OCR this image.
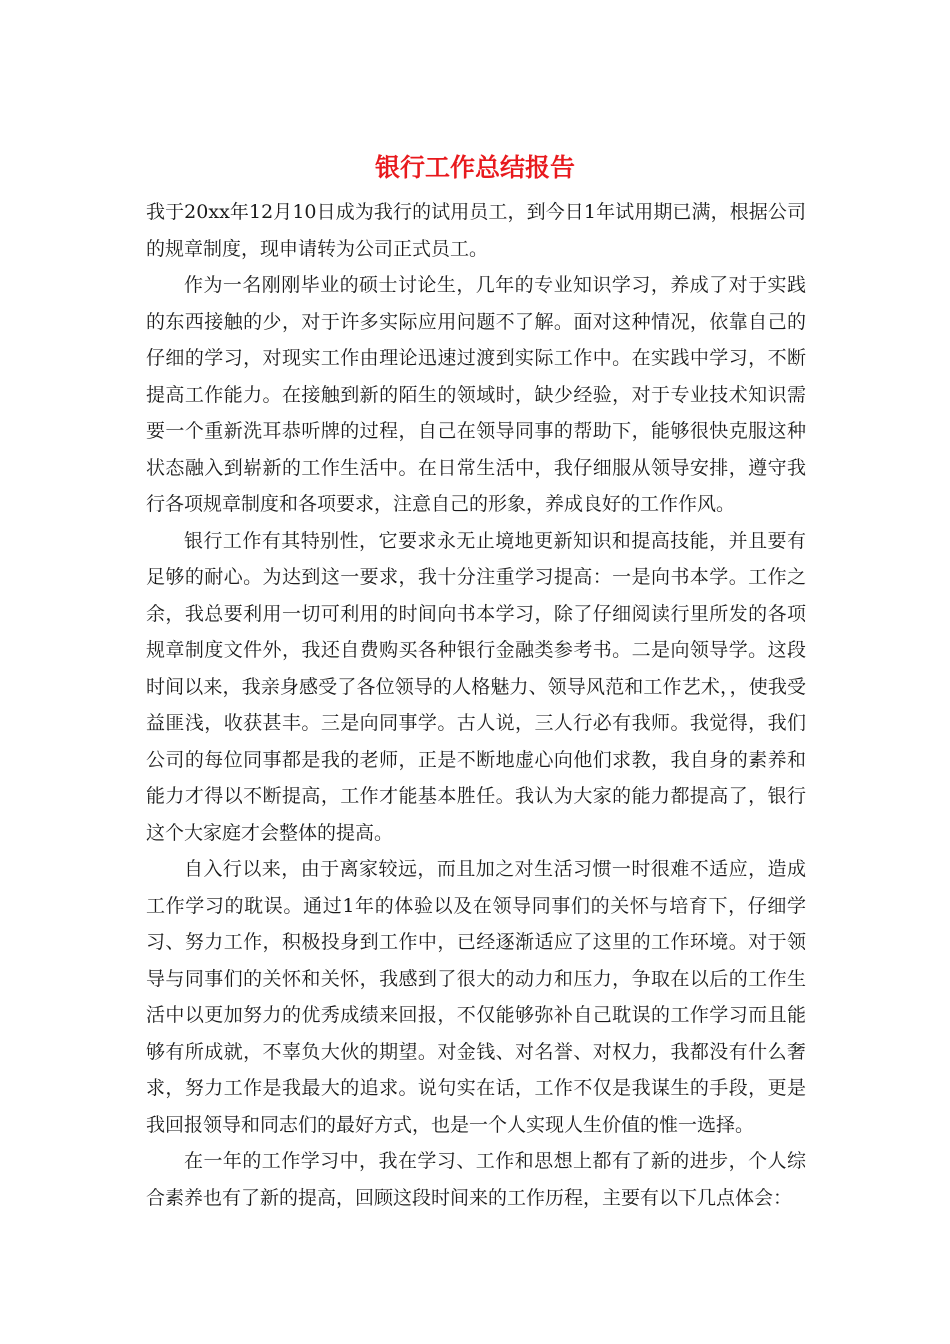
银行工作总结报告

我于20xx年12月10日成为我行的试用员工，到今日1年试用期已满，根据公司的规章制度，现申请转为公司正式员工。

作为一名刚刚毕业的硕士讨论生，几年的专业知识学习，养成了对于实践的东西接触的少，对于许多实际应用问题不了解。面对这种情况，依靠自己的仔细的学习，对现实工作由理论迅速过渡到实际工作中。在实践中学习，不断提高工作能力。在接触到新的陌生的领域时，缺少经验，对于专业技术知识需要一个重新洗耳恭听牌的过程，自己在领导同事的帮助下，能够很快克服这种状态融入到崭新的工作生活中。在日常生活中，我仔细服从领导安排，遵守我行各项规章制度和各项要求，注意自己的形象，养成良好的工作作风。

银行工作有其特别性，它要求永无止境地更新知识和提高技能，并且要有足够的耐心。为达到这一要求，我十分注重学习提高：一是向书本学。工作之余，我总要利用一切可利用的时间向书本学习，除了仔细阅读行里所发的各项规章制度文件外，我还自费购买各种银行金融类参考书。二是向领导学。这段时间以来，我亲身感受了各位领导的人格魅力、领导风范和工作艺术，，使我受益匪浅，收获甚丰。三是向同事学。古人说，三人行必有我师。我觉得，我们公司的每位同事都是我的老师，正是不断地虚心向他们求教，我自身的素养和能力才得以不断提高，工作才能基本胜任。我认为大家的能力都提高了，银行这个大家庭才会整体的提高。

自入行以来，由于离家较远，而且加之对生活习惯一时很难不适应，造成工作学习的耽误。通过1年的体验以及在领导同事们的关怀与培育下，仔细学习、努力工作，积极投身到工作中，已经逐渐适应了这里的工作环境。对于领导与同事们的关怀和关怀，我感到了很大的动力和压力，争取在以后的工作生活中以更加努力的优秀成绩来回报，不仅能够弥补自己耽误的工作学习而且能够有所成就，不辜负大伙的期望。对金钱、对名誉、对权力，我都没有什么奢求，努力工作是我最大的追求。说句实在话，工作不仅是我谋生的手段，更是我回报领导和同志们的最好方式，也是一个人实现人生价值的惟一选择。

在一年的工作学习中，我在学习、工作和思想上都有了新的进步，个人综合素养也有了新的提高，回顾这段时间来的工作历程，主要有以下几点体会：
